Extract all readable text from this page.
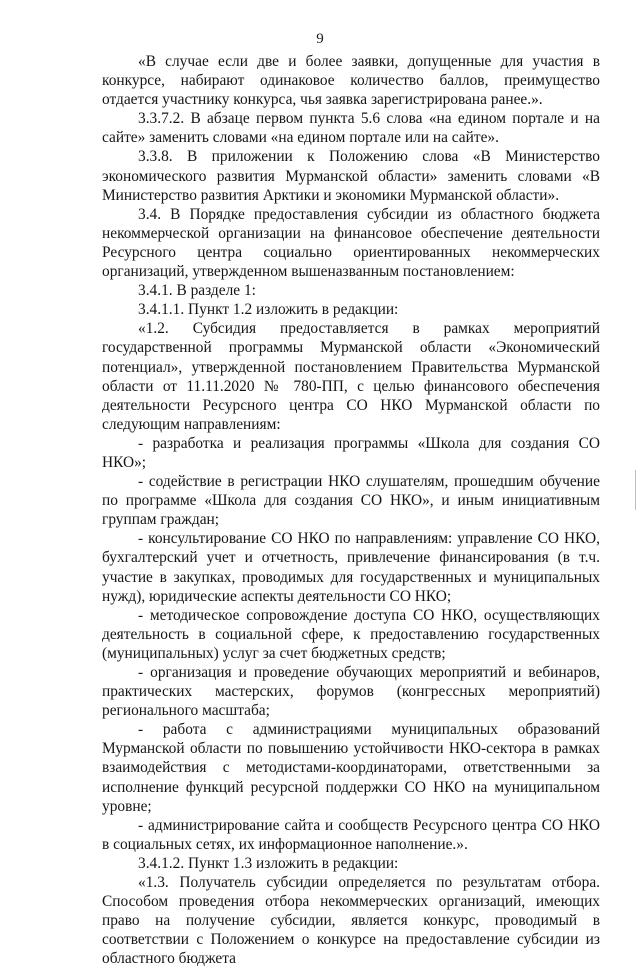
9

«В случае если две и более заявки, допущенные для участия в конкурсе, набирают одинаковое количество баллов, преимущество отдается участнику конкурса, чья заявка зарегистрирована ранее.».

3.3.7.2. В абзаце первом пункта 5.6 слова «на едином портале и на сайте» заменить словами «на едином портале или на сайте».

3.3.8. В приложении к Положению слова «В Министерство экономического развития Мурманской области» заменить словами «В Министерство развития Арктики и экономики Мурманской области».

3.4. В Порядке предоставления субсидии из областного бюджета некоммерческой организации на финансовое обеспечение деятельности Ресурсного центра социально ориентированных некоммерческих организаций, утвержденном вышеназванным постановлением:

3.4.1. В разделе 1:

3.4.1.1. Пункт 1.2 изложить в редакции:

«1.2. Субсидия предоставляется в рамках мероприятий государственной программы Мурманской области «Экономический потенциал», утвержденной постановлением Правительства Мурманской области от 11.11.2020 № 780-ПП, с целью финансового обеспечения деятельности Ресурсного центра СО НКО Мурманской области по следующим направлениям:

- разработка и реализация программы «Школа для создания СО НКО»;

- содействие в регистрации НКО слушателям, прошедшим обучение по программе «Школа для создания СО НКО», и иным инициативным группам граждан;

- консультирование СО НКО по направлениям: управление СО НКО, бухгалтерский учет и отчетность, привлечение финансирования (в т.ч. участие в закупках, проводимых для государственных и муниципальных нужд), юридические аспекты деятельности СО НКО;

- методическое сопровождение доступа СО НКО, осуществляющих деятельность в социальной сфере, к предоставлению государственных (муниципальных) услуг за счет бюджетных средств;

- организация и проведение обучающих мероприятий и вебинаров, практических мастерских, форумов (конгрессных мероприятий) регионального масштаба;

- работа с администрациями муниципальных образований Мурманской области по повышению устойчивости НКО-сектора в рамках взаимодействия с методистами-координаторами, ответственными за исполнение функций ресурсной поддержки СО НКО на муниципальном уровне;

- администрирование сайта и сообществ Ресурсного центра СО НКО в социальных сетях, их информационное наполнение.».

3.4.1.2. Пункт 1.3 изложить в редакции:

«1.3. Получатель субсидии определяется по результатам отбора. Способом проведения отбора некоммерческих организаций, имеющих право на получение субсидии, является конкурс, проводимый в соответствии с Положением о конкурсе на предоставление субсидии из областного бюджета
